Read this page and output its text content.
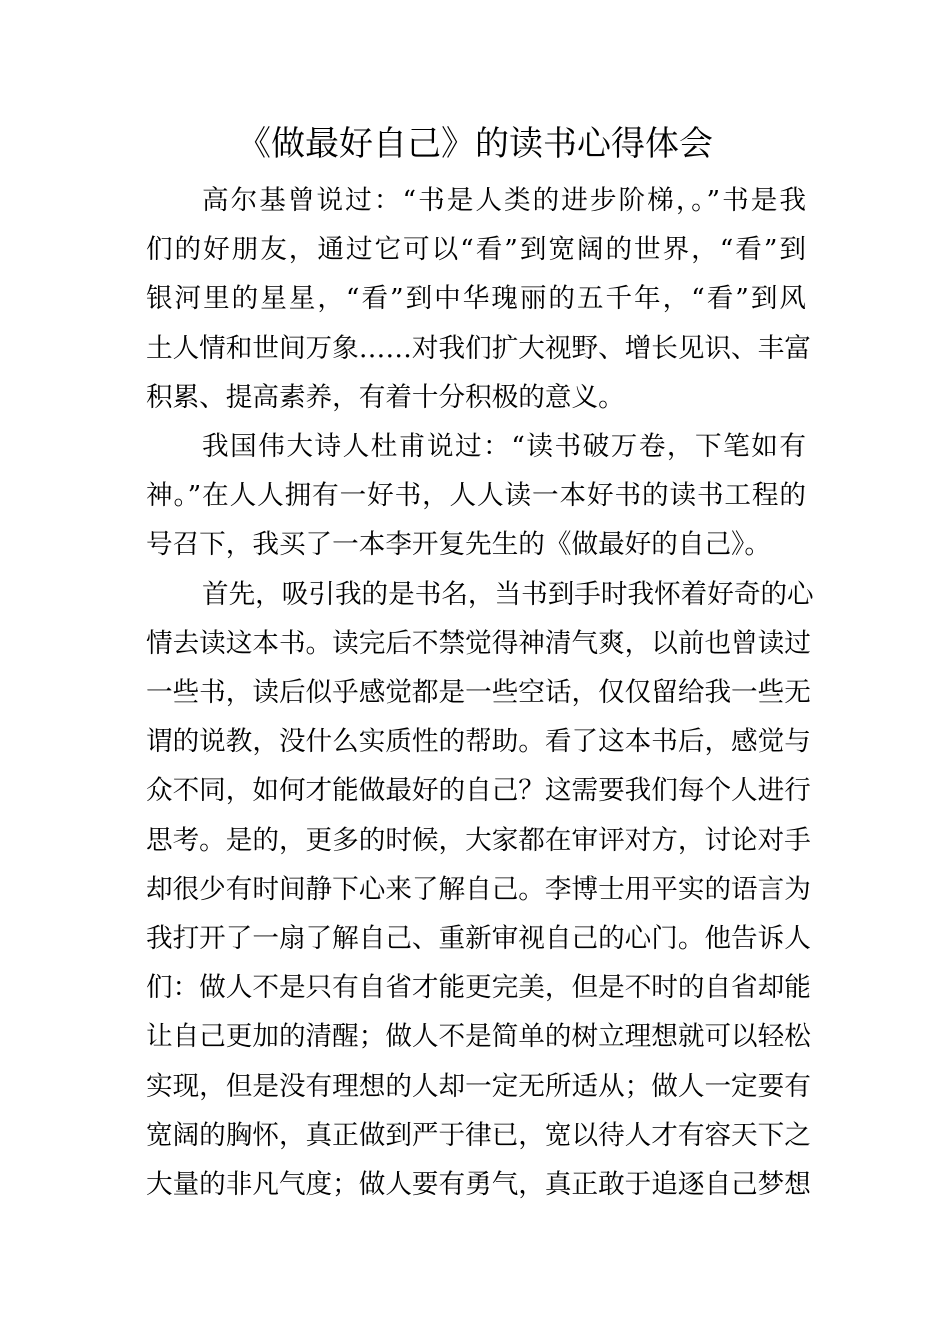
《做最好自己》的读书心得体会
高尔基曾说过：“书是人类的进步阶梯，。”书是我
们的好朋友，通过它可以“看”到宽阔的世界，“看”到
银河里的星星，“看”到中华瑰丽的五千年，“看”到风
土人情和世间万象……对我们扩大视野、增长见识、丰富
积累、提高素养，有着十分积极的意义。
我国伟大诗人杜甫说过：“读书破万卷，下笔如有
神。”在人人拥有一好书，人人读一本好书的读书工程的
号召下，我买了一本李开复先生的《做最好的自己》。
首先，吸引我的是书名，当书到手时我怀着好奇的心
情去读这本书。读完后不禁觉得神清气爽，以前也曾读过
一些书，读后似乎感觉都是一些空话，仅仅留给我一些无
谓的说教，没什么实质性的帮助。看了这本书后，感觉与
众不同，如何才能做最好的自己？这需要我们每个人进行
思考。是的，更多的时候，大家都在审评对方，讨论对手
却很少有时间静下心来了解自己。李博士用平实的语言为
我打开了一扇了解自己、重新审视自己的心门。他告诉人
们：做人不是只有自省才能更完美，但是不时的自省却能
让自己更加的清醒；做人不是简单的树立理想就可以轻松
实现，但是没有理想的人却一定无所适从；做人一定要有
宽阔的胸怀，真正做到严于律已，宽以待人才有容天下之
大量的非凡气度；做人要有勇气，真正敢于追逐自己梦想
